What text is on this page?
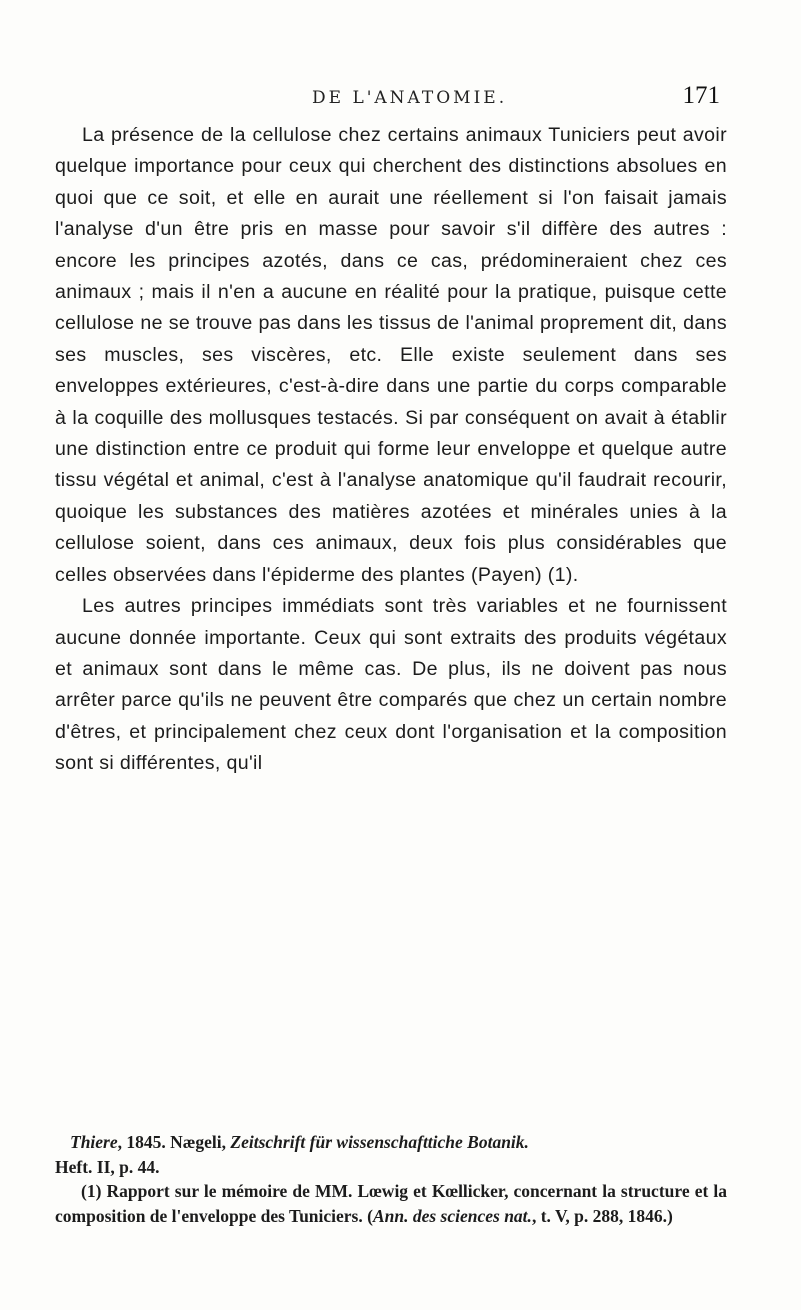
DE L'ANATOMIE.	171

La présence de la cellulose chez certains animaux Tuniciers peut avoir quelque importance pour ceux qui cherchent des distinctions absolues en quoi que ce soit, et elle en aurait une réellement si l'on faisait jamais l'analyse d'un être pris en masse pour savoir s'il diffère des autres : encore les principes azotés, dans ce cas, prédomineraient chez ces animaux ; mais il n'en a aucune en réalité pour la pratique, puisque cette cellulose ne se trouve pas dans les tissus de l'animal proprement dit, dans ses muscles, ses viscères, etc. Elle existe seulement dans ses enveloppes extérieures, c'est-à-dire dans une partie du corps comparable à la coquille des mollusques testacés. Si par conséquent on avait à établir une distinction entre ce produit qui forme leur enveloppe et quelque autre tissu végétal et animal, c'est à l'analyse anatomique qu'il faudrait recourir, quoique les substances des matières azotées et minérales unies à la cellulose soient, dans ces animaux, deux fois plus considérables que celles observées dans l'épiderme des plantes (Payen) (1).

Les autres principes immédiats sont très variables et ne fournissent aucune donnée importante. Ceux qui sont extraits des produits végétaux et animaux sont dans le même cas. De plus, ils ne doivent pas nous arrêter parce qu'ils ne peuvent être comparés que chez un certain nombre d'êtres, et principalement chez ceux dont l'organisation et la composition sont si différentes, qu'il

Thiere, 1845. Nægeli, Zeitschrift für wissenschafttiche Botanik.

Heft. II, p. 44.

(1) Rapport sur le mémoire de MM. Lœwig et Kœllicker, concernant la structure et la composition de l'enveloppe des Tuniciers. (Ann. des sciences nat., t. V, p. 288, 1846.)
